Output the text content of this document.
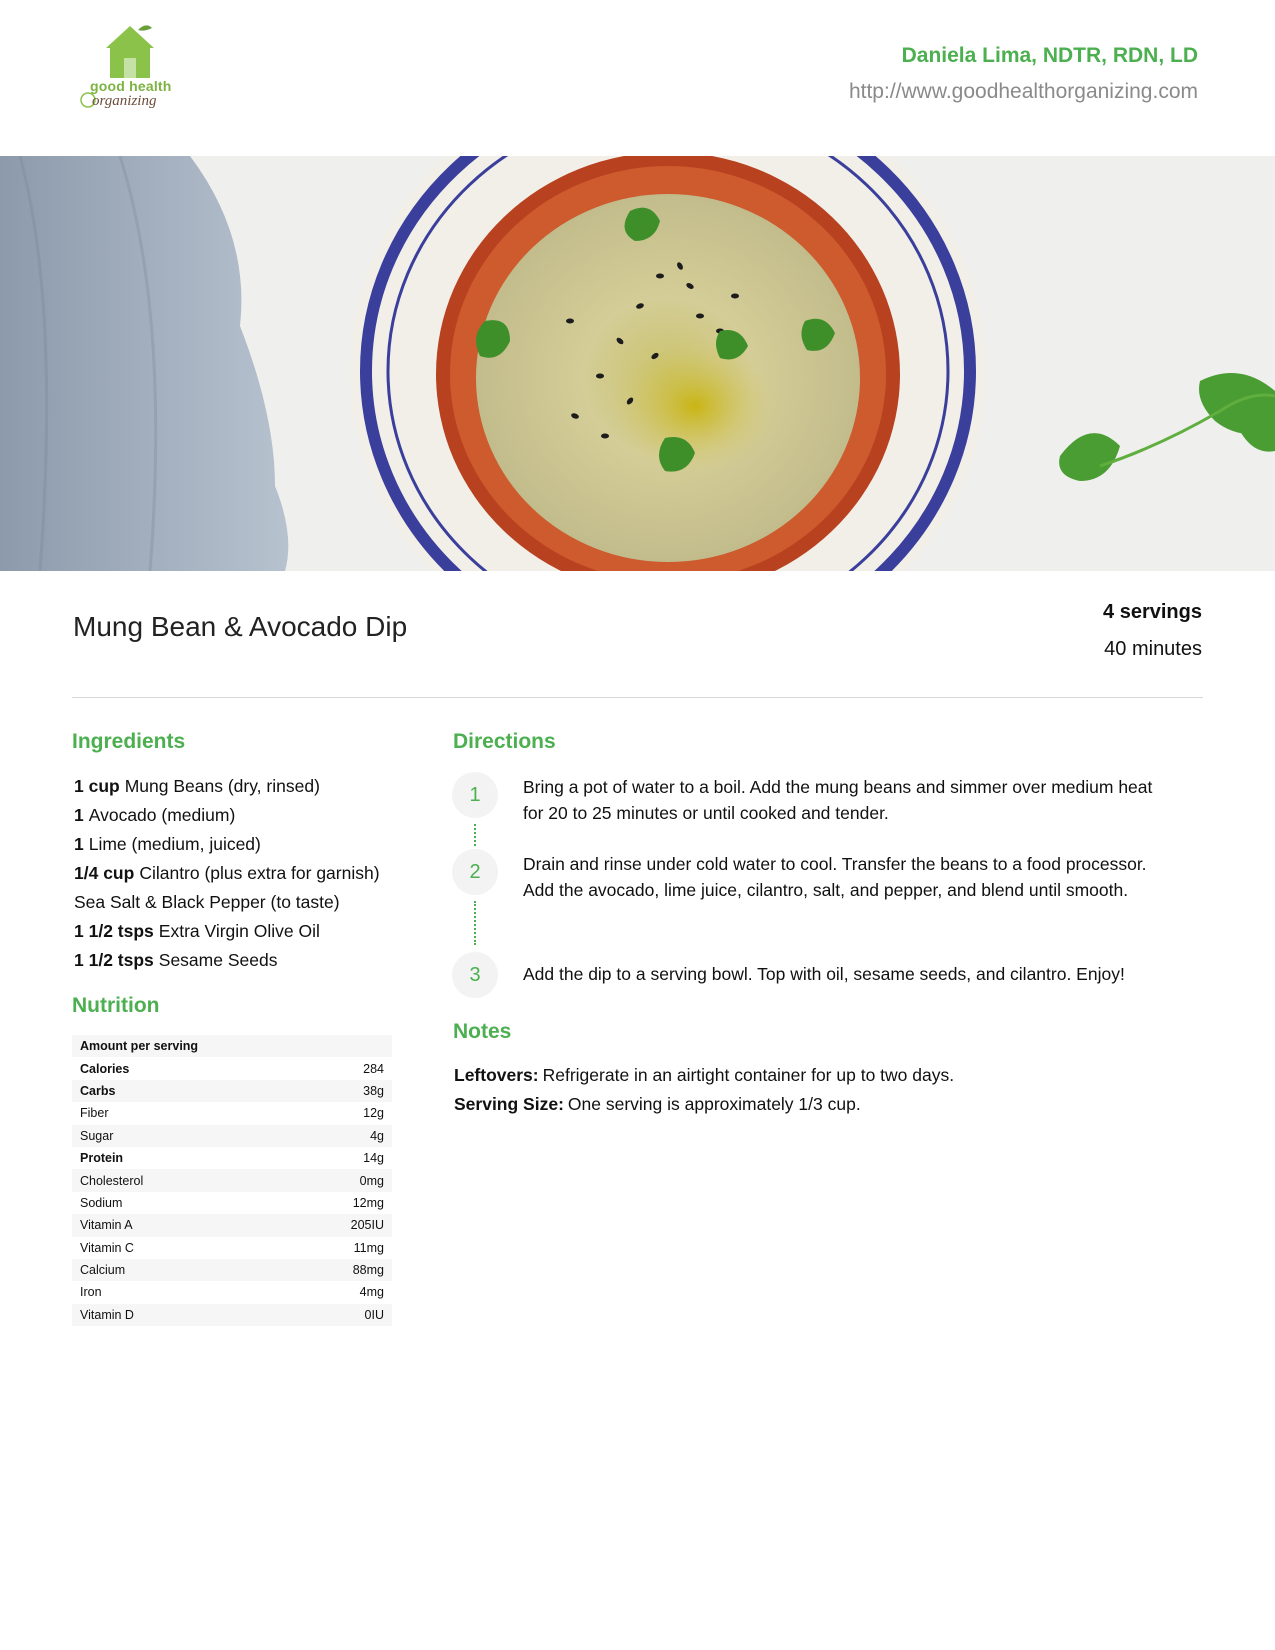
good health
organizing
Daniela Lima, NDTR, RDN, LD
http://www.goodhealthorganizing.com
Mung Bean & Avocado Dip	4 servings
40 minutes
Ingredients
1 cup Mung Beans (dry, rinsed)
1 Avocado (medium)
1 Lime (medium, juiced)
1/4 cup Cilantro (plus extra for garnish)
Sea Salt & Black Pepper (to taste)
1 1/2 tsps Extra Virgin Olive Oil
1 1/2 tsps Sesame Seeds
Nutrition
Amount per serving
Calories	284
Carbs	38g
Fiber	12g
Sugar	4g
Protein	14g
Cholesterol	0mg
Sodium	12mg
Vitamin A	205IU
Vitamin C	11mg
Calcium	88mg
Iron	4mg
Vitamin D	0IU
Directions
1	Bring a pot of water to a boil. Add the mung beans and simmer over medium heat for 20 to 25 minutes or until cooked and tender.
2	Drain and rinse under cold water to cool. Transfer the beans to a food processor. Add the avocado, lime juice, cilantro, salt, and pepper, and blend until smooth.
3	Add the dip to a serving bowl. Top with oil, sesame seeds, and cilantro. Enjoy!
Notes

Leftovers: Refrigerate in an airtight container for up to two days.

Serving Size: One serving is approximately 1/3 cup.
